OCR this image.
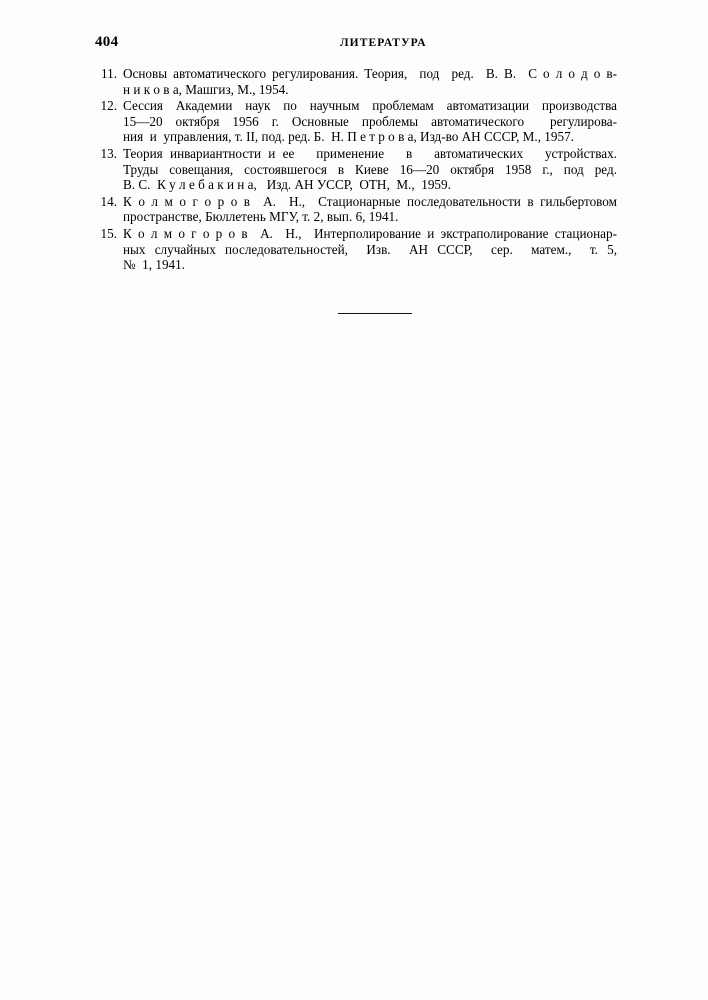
404	ЛИТЕРАТУРА
11. Основы автоматического регулирования. Теория,  под  ред.  В. В.  С о л о д о в-
н и к о в а, Машгиз, М., 1954.
12. Сессия Академии наук по научным проблемам автоматизации производства
15—20 октября 1956 г. Основные проблемы автоматического  регулирова-
ния  и  управления, т. II, под. ред. Б.  Н. П е т р о в а, Изд-во АН СССР, М., 1957.
13. Теория инвариантности и ее   применение   в   автоматических   устройствах.
Труды совещания, состоявшегося в Киеве 16—20 октября 1958 г., под ред.
В. С.  К у л е б а к и н а,   Изд. АН УССР,  ОТН,  М.,  1959.
14. К о л м о г о р о в  А.  Н.,  Стационарные последовательности в гильбертовом
пространстве, Бюллетень МГУ, т. 2, вып. 6, 1941.
15. К о л м о г о р о в  А.  Н.,  Интерполирование и экстраполирование стационар-
ных случайных последовательностей,  Изв.  АН СССР,  сер.  матем.,  т. 5,
№  1, 1941.
